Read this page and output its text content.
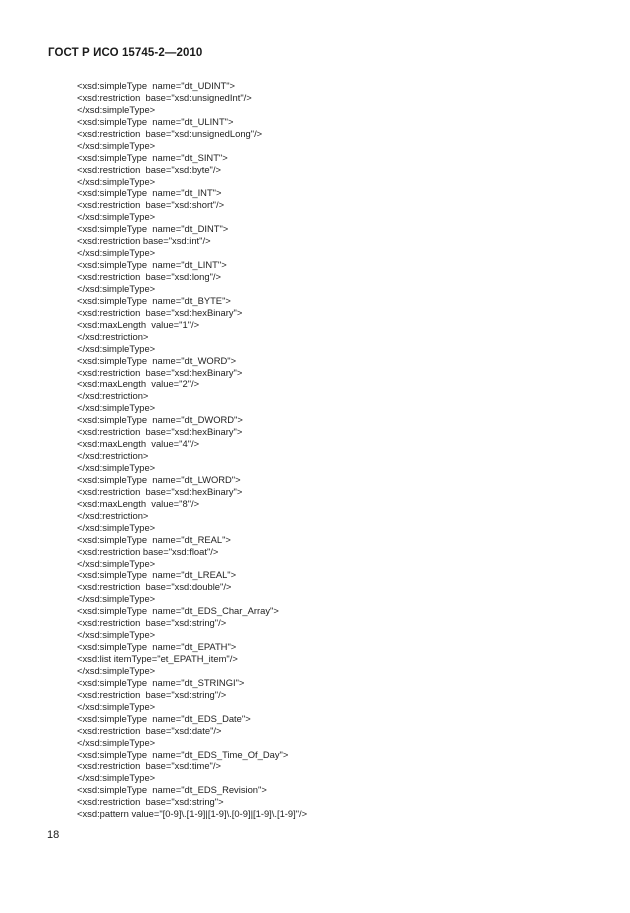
ГОСТ Р ИСО 15745-2—2010
<xsd:simpleType  name="dt_UDINT">
<xsd:restriction  base="xsd:unsignedInt"/>
</xsd:simpleType>
<xsd:simpleType  name="dt_ULINT">
<xsd:restriction  base="xsd:unsignedLong"/>
</xsd:simpleType>
<xsd:simpleType  name="dt_SINT">
<xsd:restriction  base="xsd:byte"/>
</xsd:simpleType>
<xsd:simpleType  name="dt_INT">
<xsd:restriction  base="xsd:short"/>
</xsd:simpleType>
<xsd:simpleType  name="dt_DINT">
<xsd:restriction base="xsd:int"/>
</xsd:simpleType>
<xsd:simpleType  name="dt_LINT">
<xsd:restriction  base="xsd:long"/>
</xsd:simpleType>
<xsd:simpleType  name="dt_BYTE">
<xsd:restriction  base="xsd:hexBinary">
<xsd:maxLength  value="1"/>
</xsd:restriction>
</xsd:simpleType>
<xsd:simpleType  name="dt_WORD">
<xsd:restriction  base="xsd:hexBinary">
<xsd:maxLength  value="2"/>
</xsd:restriction>
</xsd:simpleType>
<xsd:simpleType  name="dt_DWORD">
<xsd:restriction  base="xsd:hexBinary">
<xsd:maxLength  value="4"/>
</xsd:restriction>
</xsd:simpleType>
<xsd:simpleType  name="dt_LWORD">
<xsd:restriction  base="xsd:hexBinary">
<xsd:maxLength  value="8"/>
</xsd:restriction>
</xsd:simpleType>
<xsd:simpleType  name="dt_REAL">
<xsd:restriction base="xsd:float"/>
</xsd:simpleType>
<xsd:simpleType  name="dt_LREAL">
<xsd:restriction  base="xsd:double"/>
</xsd:simpleType>
<xsd:simpleType  name="dt_EDS_Char_Array">
<xsd:restriction  base="xsd:string"/>
</xsd:simpleType>
<xsd:simpleType  name="dt_EPATH">
<xsd:list itemType="et_EPATH_item"/>
</xsd:simpleType>
<xsd:simpleType  name="dt_STRINGI">
<xsd:restriction  base="xsd:string"/>
</xsd:simpleType>
<xsd:simpleType  name="dt_EDS_Date">
<xsd:restriction  base="xsd:date"/>
</xsd:simpleType>
<xsd:simpleType  name="dt_EDS_Time_Of_Day">
<xsd:restriction  base="xsd:time"/>
</xsd:simpleType>
<xsd:simpleType  name="dt_EDS_Revision">
<xsd:restriction  base="xsd:string">
<xsd:pattern value="[0-9]\.[1-9]|[1-9]\.[0-9]|[1-9]\.[1-9]"/>
18
